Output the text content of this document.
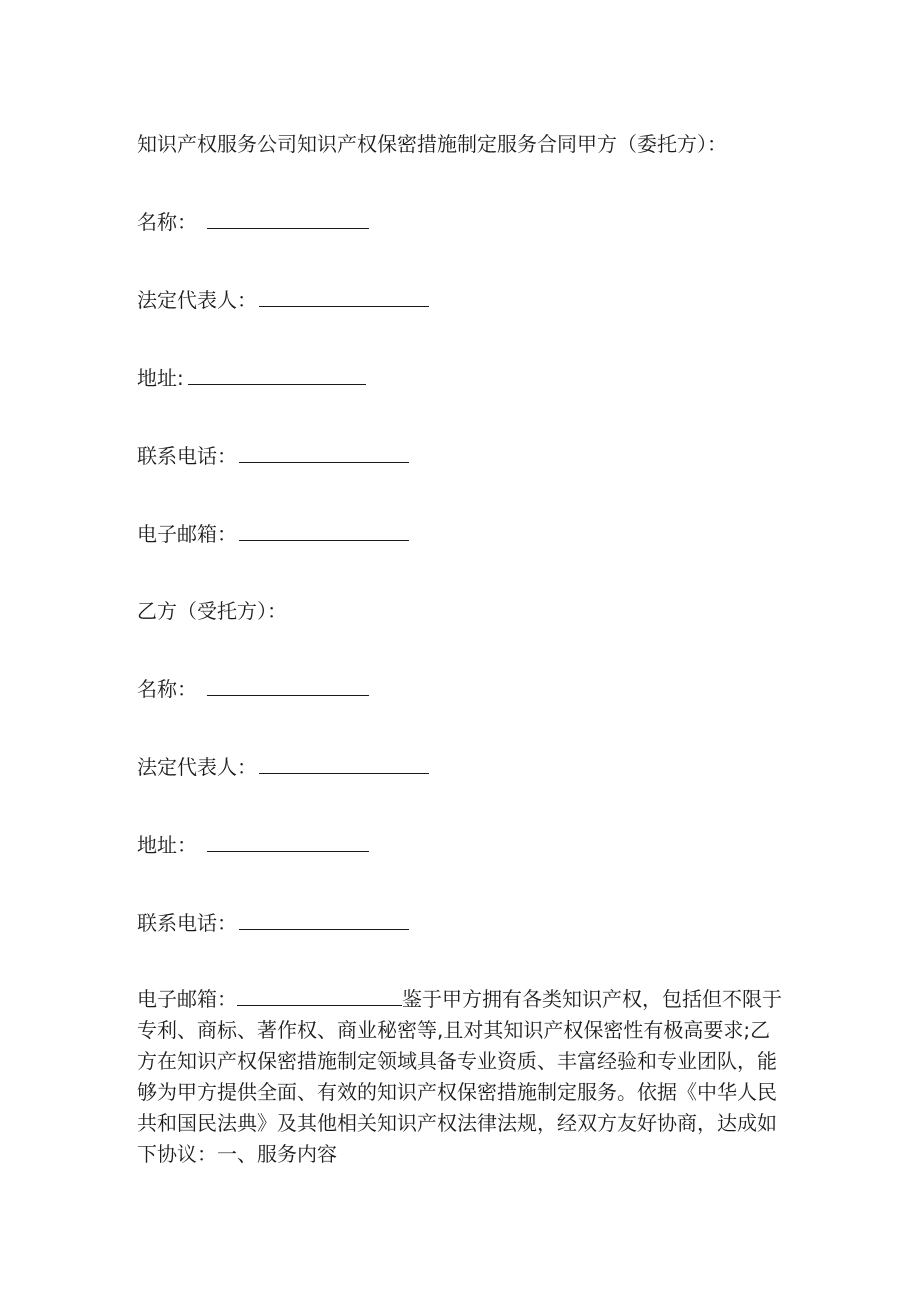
知识产权服务公司知识产权保密措施制定服务合同甲方（委托方）：
名称：
法定代表人：
地址:
联系电话：
电子邮箱：
乙方（受托方）：
名称：
法定代表人：
地址：
联系电话：
电子邮箱：	鉴于甲方拥有各类知识产权，包括但不限于专利、商标、著作权、商业秘密等,且对其知识产权保密性有极高要求;乙方在知识产权保密措施制定领域具备专业资质、丰富经验和专业团队，能够为甲方提供全面、有效的知识产权保密措施制定服务。依据《中华人民共和国民法典》及其他相关知识产权法律法规，经双方友好协商，达成如下协议：一、服务内容
